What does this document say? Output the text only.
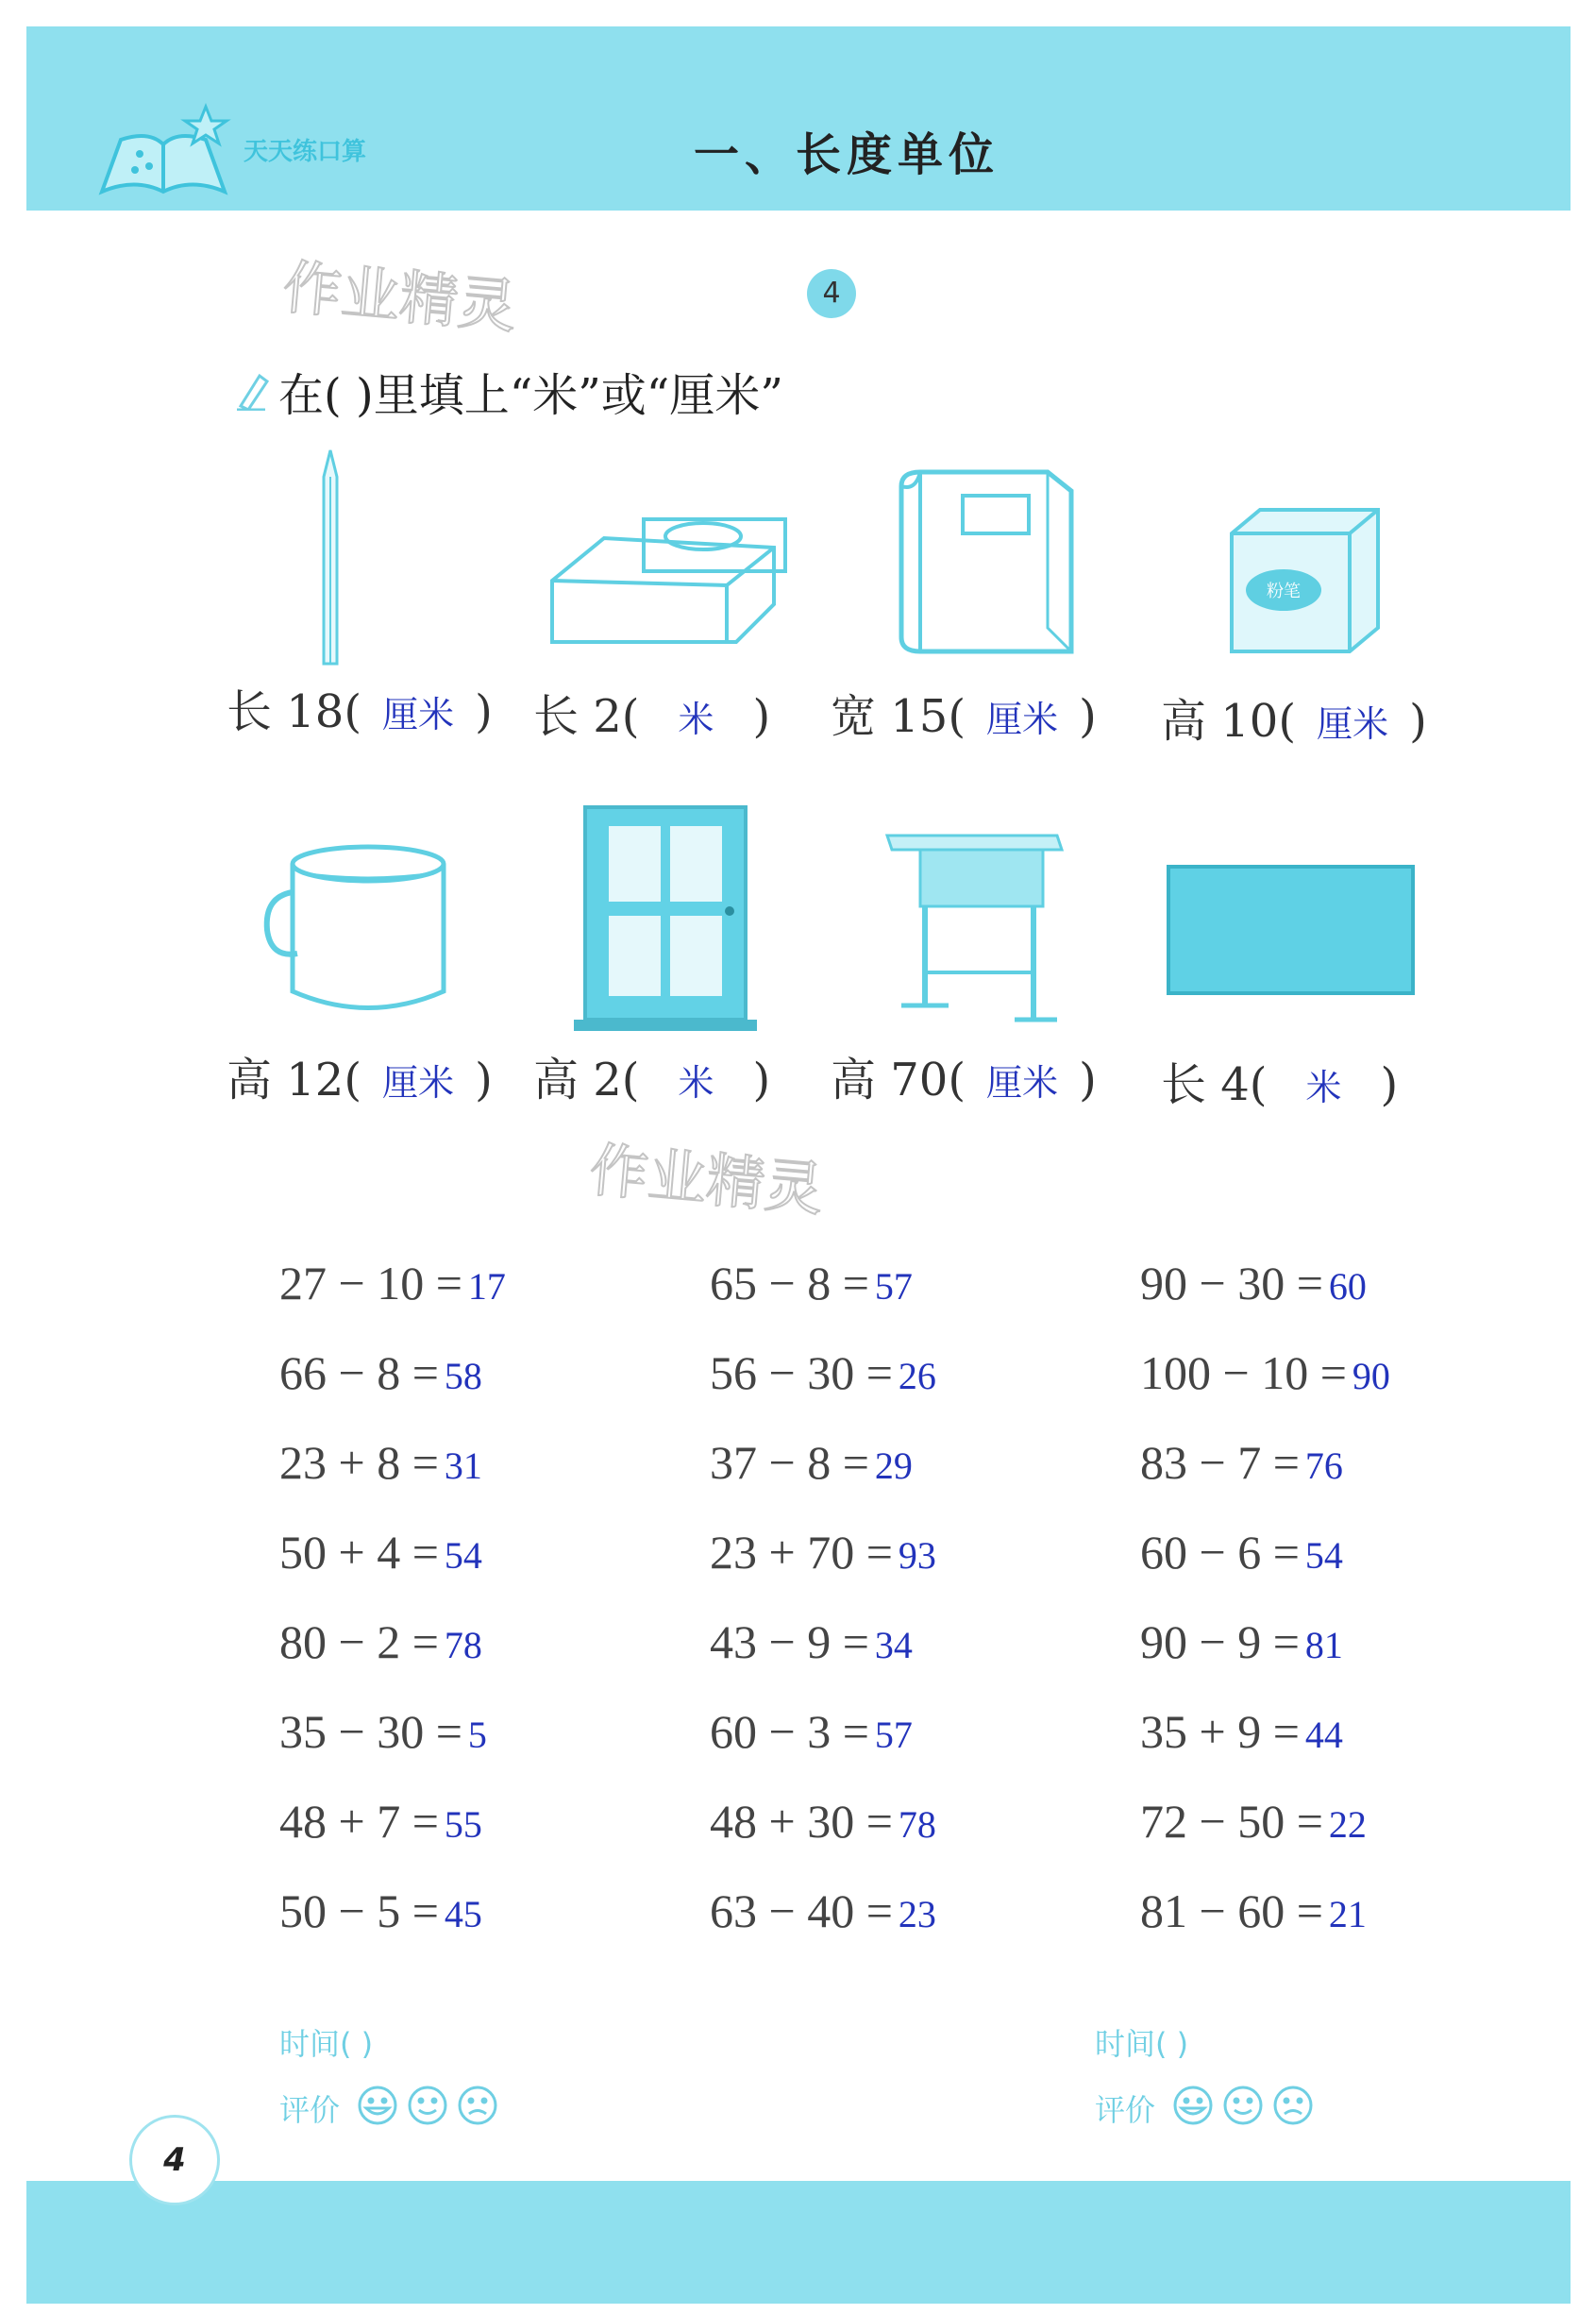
天天练口算	一、长度单位
作业精灵
作业精灵
4
在( )里填上“米”或“厘米”
粉笔
长 18( 厘米 ) 长 2( 米 ) 宽 15( 厘米 ) 高 10( 厘米 )
高 12( 厘米 ) 高 2( 米 ) 高 70( 厘米 ) 长 4( 米 )
27 − 10 = 17	65 − 8 = 57	90 − 30 = 60
66 − 8 = 58	56 − 30 = 26	100 − 10 = 90
23 + 8 = 31	37 − 8 = 29	83 − 7 = 76
50 + 4 = 54	23 + 70 = 93	60 − 6 = 54
80 − 2 = 78	43 − 9 = 34	90 − 9 = 81
35 − 30 = 5	60 − 3 = 57	35 + 9 = 44
48 + 7 = 55	48 + 30 = 78	72 − 50 = 22
50 − 5 = 45	63 − 40 = 23	81 − 60 = 21
时间( )
评价
时间( )
评价
4
